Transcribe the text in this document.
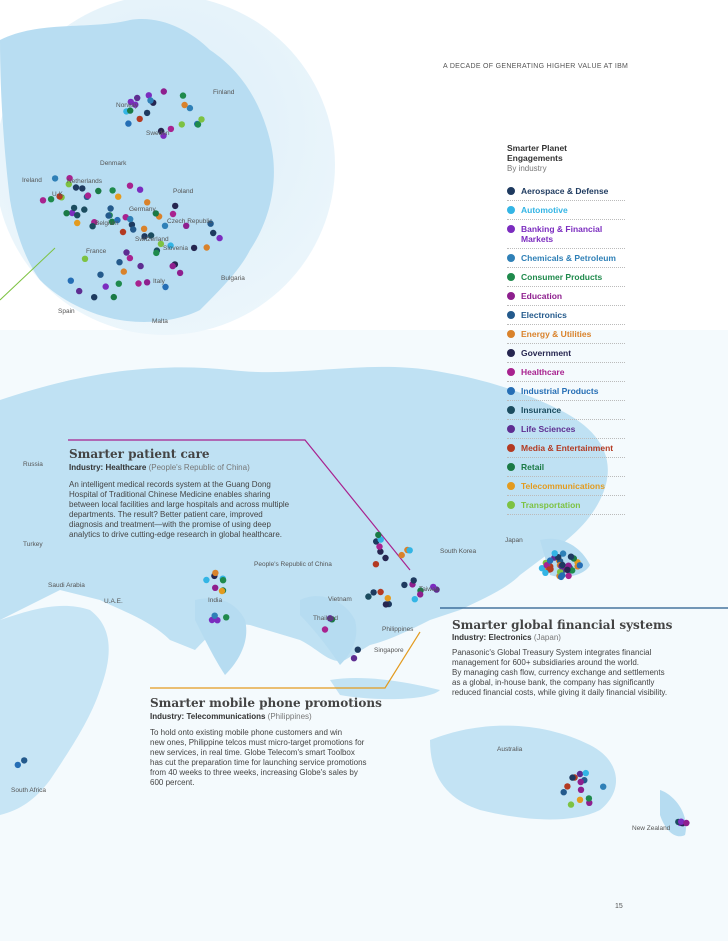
A DECADE OF GENERATING HIGHER VALUE AT IBM
Finland
Norway
Sweden
Denmark
Ireland	Netherlands
U.K.	Poland
Germany
Belgium	Czech Republic
Switzerland
Slovenia
France
Italy	Bulgaria
Spain
Malta
Russia
Turkey
Saudi Arabia
U.A.E.	India
People's Republic of China
South Korea
Japan
Taiwan
Vietnam
Thailand
Philippines
Singapore
Australia
South Africa
New Zealand
Smarter Planet Engagements
By industry
Aerospace & Defense
Automotive
Banking & Financial Markets
Chemicals & Petroleum
Consumer Products
Education
Electronics
Energy & Utilities
Government
Healthcare
Industrial Products
Insurance
Life Sciences
Media & Entertainment
Retail
Telecommunications
Transportation
Smarter patient care
Industry: Healthcare (People's Republic of China)
An intelligent medical records system at the Guang Dong
Hospital of Traditional Chinese Medicine enables sharing
between local facilities and large hospitals and across multiple
departments. The result? Better patient care, improved
diagnosis and treatment—with the promise of using deep
analytics to drive cutting-edge research in global healthcare.
Smarter global financial systems
Industry: Electronics (Japan)
Panasonic's Global Treasury System integrates financial
management for 600+ subsidiaries around the world.
By managing cash flow, currency exchange and settlements
as a global, in-house bank, the company has significantly
reduced financial costs, while giving it daily financial visibility.
Smarter mobile phone promotions
Industry: Telecommunications (Philippines)
To hold onto existing mobile phone customers and win
new ones, Philippine telcos must micro-target promotions for
new services, in real time. Globe Telecom's smart Toolbox
has cut the preparation time for launching service promotions
from 40 weeks to three weeks, increasing Globe's sales by
600 percent.
15
